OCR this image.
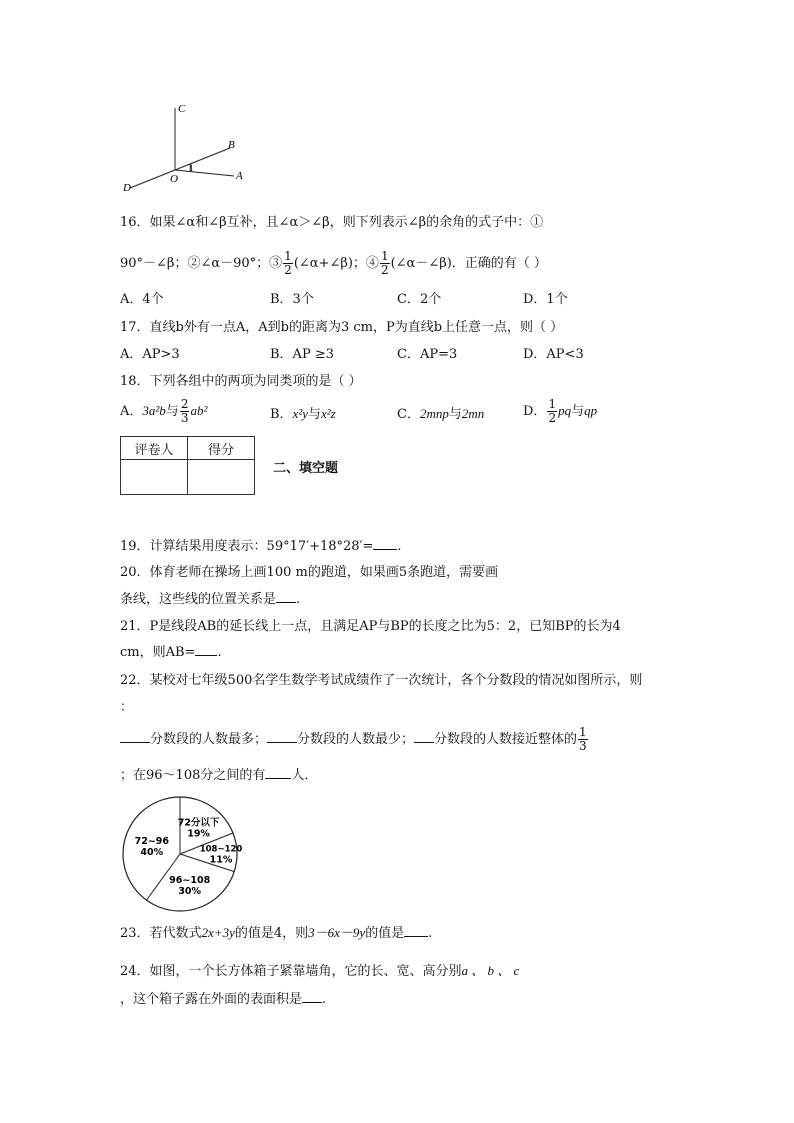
C
B
A
O
D
1
16．如果∠α和∠β互补，且∠α＞∠β，则下列表示∠β的余角的式子中：①
90°－∠β；②∠α－90°；③ $\frac{1}{2}$ (∠α+∠β)；④ $\frac{1}{2}$ (∠α－∠β)．正确的有（ ）
A．4个	B．3个	C．2个	D．1个
17．直线b外有一点A，A到b的距离为3 cm，P为直线b上任意一点，则（ ）
A．AP>3	B．AP ≥3	C．AP=3	D．AP<3
18．下列各组中的两项为同类项的是（ ）
A．3a²b与 $\frac{2}{3} ab^2$	B．x²y与x²z	C．2mnp与2mn	D． $\frac{1}{2}$ pq与qp
评卷人	得分

二、填空题
19．计算结果用度表示：59°17′+18°28′= .
20．体育老师在操场上画100 m的跑道，如果画5条跑道，需要画
条线，这些线的位置关系是 .
21．P是线段AB的延长线上一点，且满足AP与BP的长度之比为5：2，已知BP的长为4
cm，则AB= .
22．某校对七年级500名学生数学考试成绩作了一次统计，各个分数段的情况如图所示，则
：
分数段的人数最多； 分数段的人数最少； 分数段的人数接近整体的 $\frac{1}{3}$
；在96～108分之间的有 人．
72分以下
19%
108~120
11%
96~108
30%
72~96
40%
23．若代数式2x+3y的值是4，则3－6x－9y的值是 .
24．如图，一个长方体箱子紧靠墙角，它的长、宽、高分别a 、 b 、 c
，这个箱子露在外面的表面积是 .
